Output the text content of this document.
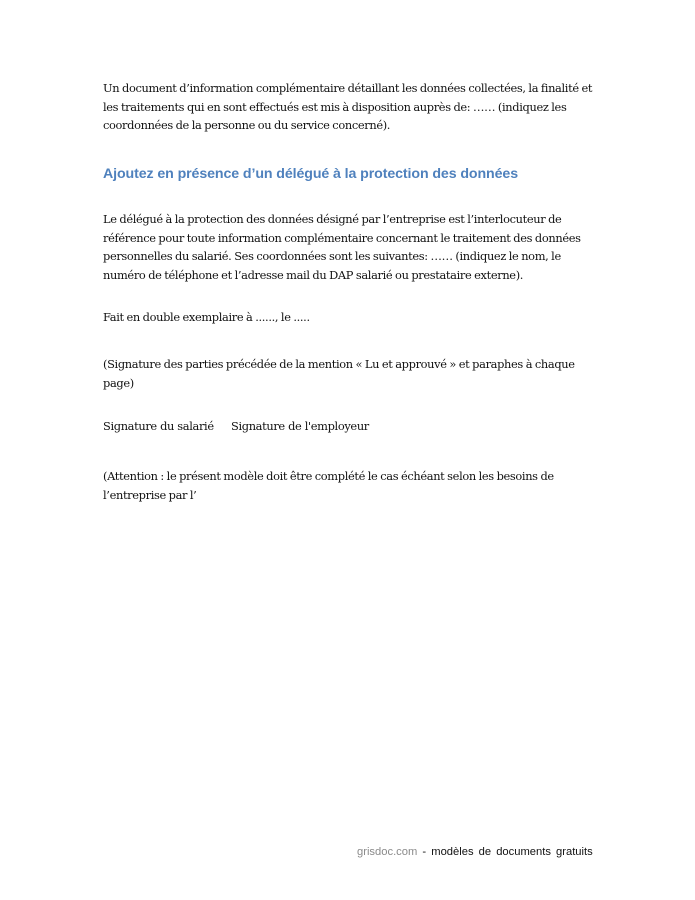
Un document d’information complémentaire détaillant les données collectées, la finalité et
les traitements qui en sont effectués est mis à disposition auprès de: …… (indiquez les
coordonnées de la personne ou du service concerné).
Ajoutez en présence d’un délégué à la protection des données
Le délégué à la protection des données désigné par l’entreprise est l’interlocuteur de
référence pour toute information complémentaire concernant le traitement des données
personnelles du salarié. Ses coordonnées sont les suivantes: …… (indiquez le nom, le
numéro de téléphone et l’adresse mail du DAP salarié ou prestataire externe).
Fait en double exemplaire à ......, le .....
(Signature des parties précédée de la mention « Lu et approuvé » et paraphes à chaque
page)
Signature du salarié Signature de l'employeur
(Attention : le présent modèle doit être complété le cas échéant selon les besoins de
l’entreprise par l’
grisdoc.com - modèles de documents gratuits
